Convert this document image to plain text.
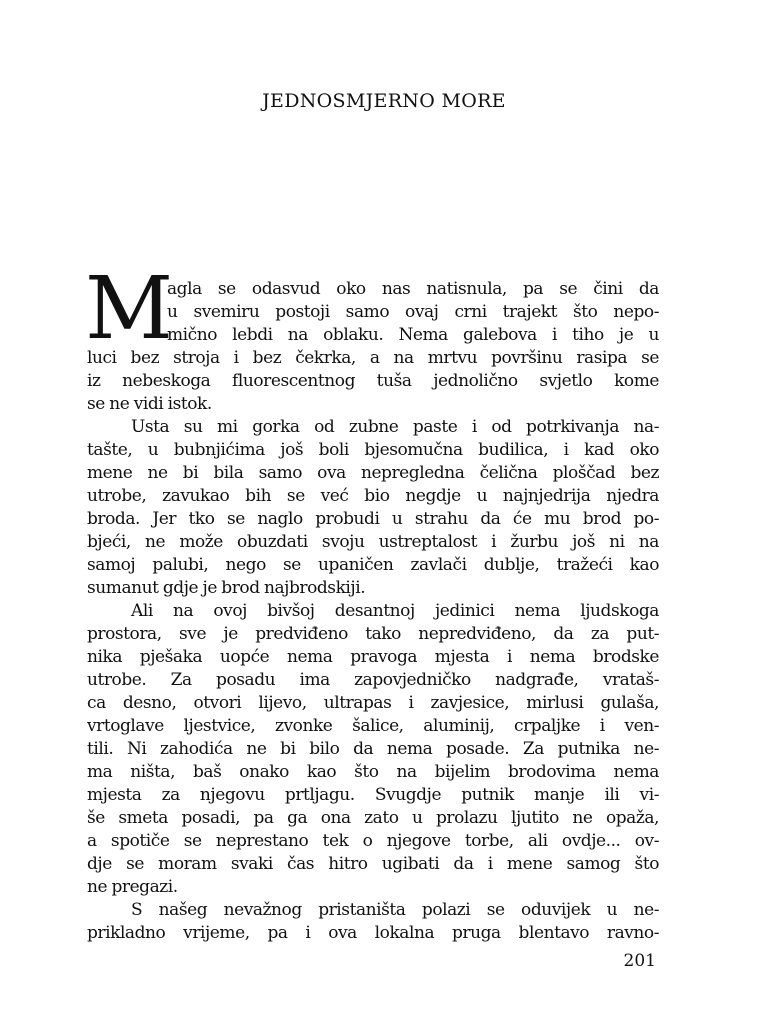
JEDNOSMJERNO MORE
M
agla se odasvud oko nas natisnula, pa se čini da
u svemiru postoji samo ovaj crni trajekt što nepo-
mično lebdi na oblaku. Nema galebova i tiho je u
luci bez stroja i bez čekrka, a na mrtvu površinu rasipa se
iz nebeskoga fluorescentnog tuša jednolično svjetlo kome
se ne vidi istok.
Usta su mi gorka od zubne paste i od potrkivanja na-
tašte, u bubnjićima još boli bjesomučna budilica, i kad oko
mene ne bi bila samo ova nepregledna čelična ploščad bez
utrobe, zavukao bih se već bio negdje u najnjedrija njedra
broda. Jer tko se naglo probudi u strahu da će mu brod po-
bjeći, ne može obuzdati svoju ustreptalost i žurbu još ni na
samoj palubi, nego se upaničen zavlači dublje, tražeći kao
sumanut gdje je brod najbrodskiji.
Ali na ovoj bivšoj desantnoj jedinici nema ljudskoga
prostora, sve je predviđeno tako nepredviđeno, da za put-
nika pješaka uopće nema pravoga mjesta i nema brodske
utrobe. Za posadu ima zapovjedničko nadgrađe, vrataš-
ca desno, otvori lijevo, ultrapas i zavjesice, mirlusi gulaša,
vrtoglave ljestvice, zvonke šalice, aluminij, crpaljke i ven-
tili. Ni zahodića ne bi bilo da nema posade. Za putnika ne-
ma ništa, baš onako kao što na bijelim brodovima nema
mjesta za njegovu prtljagu. Svugdje putnik manje ili vi-
še smeta posadi, pa ga ona zato u prolazu ljutito ne opaža,
a spotiče se neprestano tek o njegove torbe, ali ovdje... ov-
dje se moram svaki čas hitro ugibati da i mene samog što
ne pregazi.
S našeg nevažnog pristaništa polazi se oduvijek u ne-
prikladno vrijeme, pa i ova lokalna pruga blentavo ravno-
201
